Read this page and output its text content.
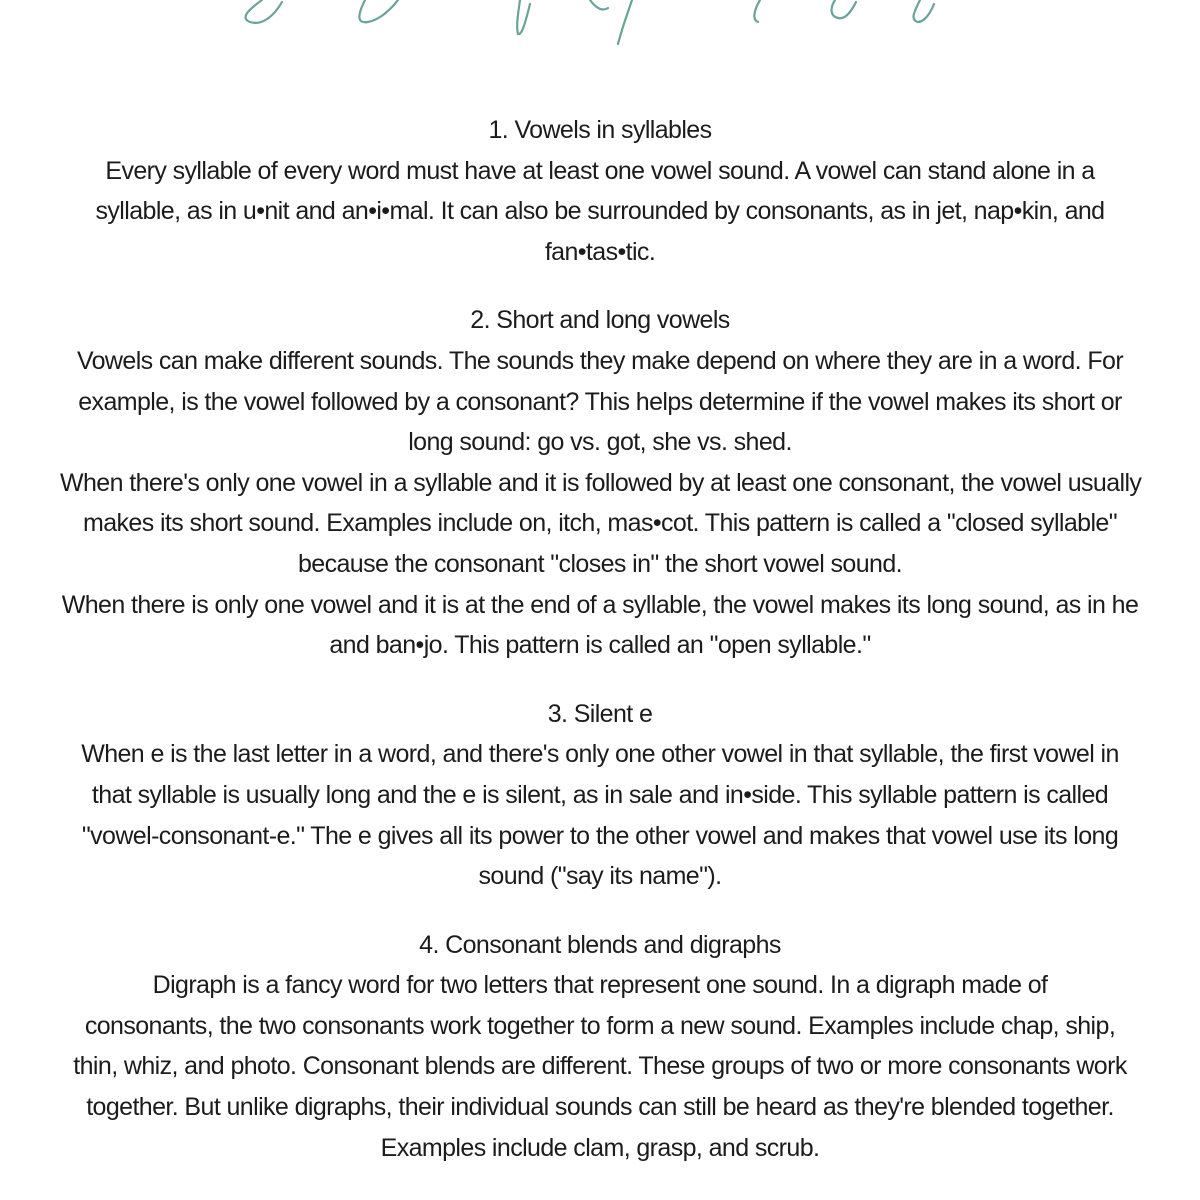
1. Vowels in syllables
Every syllable of every word must have at least one vowel sound. A vowel can stand alone in a
syllable, as in u•nit and an•i•mal. It can also be surrounded by consonants, as in jet, nap•kin, and
fan•tas•tic.
2. Short and long vowels
Vowels can make different sounds. The sounds they make depend on where they are in a word. For
example, is the vowel followed by a consonant? This helps determine if the vowel makes its short or
long sound: go vs. got, she vs. shed.
When there's only one vowel in a syllable and it is followed by at least one consonant, the vowel usually
makes its short sound. Examples include on, itch, mas•cot. This pattern is called a "closed syllable"
because the consonant "closes in" the short vowel sound.
When there is only one vowel and it is at the end of a syllable, the vowel makes its long sound, as in he
and ban•jo. This pattern is called an "open syllable."
3. Silent e
When e is the last letter in a word, and there's only one other vowel in that syllable, the first vowel in
that syllable is usually long and the e is silent, as in sale and in•side. This syllable pattern is called
"vowel-consonant-e." The e gives all its power to the other vowel and makes that vowel use its long
sound ("say its name").
4. Consonant blends and digraphs
Digraph is a fancy word for two letters that represent one sound. In a digraph made of
consonants, the two consonants work together to form a new sound. Examples include chap, ship,
thin, whiz, and photo. Consonant blends are different. These groups of two or more consonants work
together. But unlike digraphs, their individual sounds can still be heard as they're blended together.
Examples include clam, grasp, and scrub.
